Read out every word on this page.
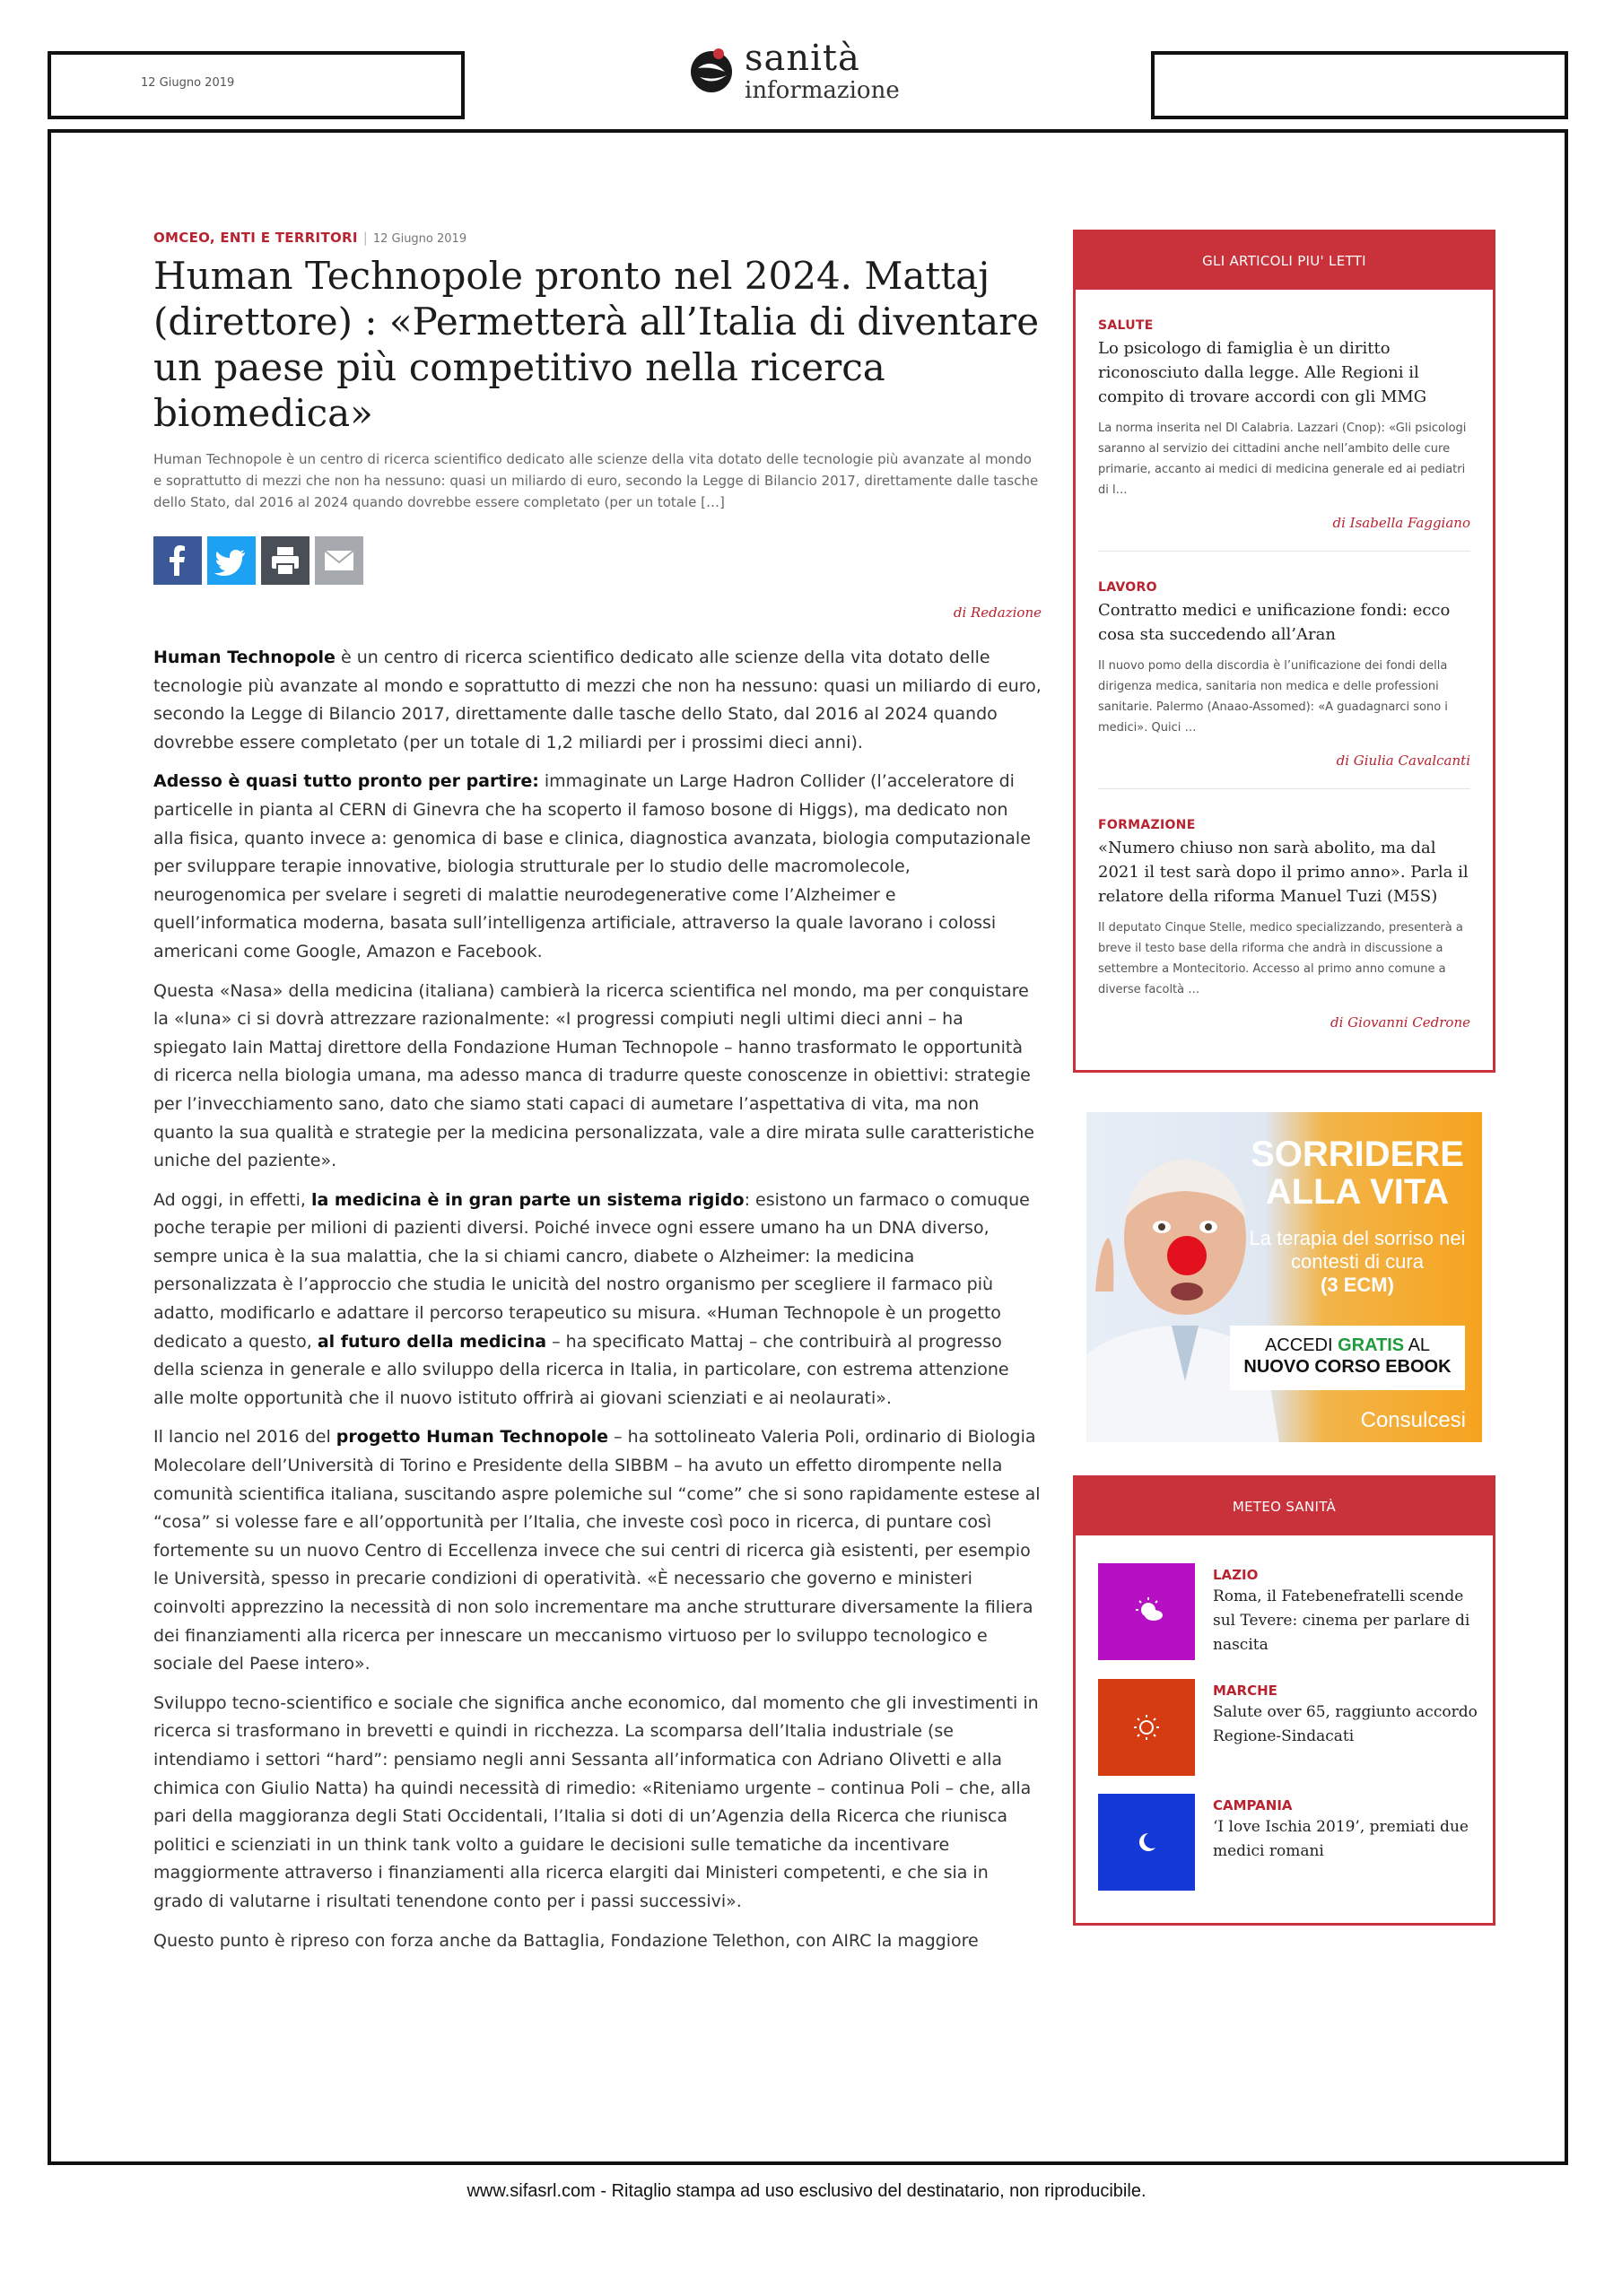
12 Giugno 2019
sanità
informazione
OMCEO, ENTI E TERRITORI | 12 Giugno 2019
Human Technopole pronto nel 2024. Mattaj (direttore) : «Permetterà all’Italia di diventare un paese più competitivo nella ricerca biomedica»

Human Technopole è un centro di ricerca scientifico dedicato alle scienze della vita dotato delle tecnologie più avanzate al mondo e soprattutto di mezzi che non ha nessuno: quasi un miliardo di euro, secondo la Legge di Bilancio 2017, direttamente dalle tasche dello Stato, dal 2016 al 2024 quando dovrebbe essere completato (per un totale […]

di Redazione

Human Technopole è un centro di ricerca scientifico dedicato alle scienze della vita dotato delle tecnologie più avanzate al mondo e soprattutto di mezzi che non ha nessuno: quasi un miliardo di euro, secondo la Legge di Bilancio 2017, direttamente dalle tasche dello Stato, dal 2016 al 2024 quando dovrebbe essere completato (per un totale di 1,2 miliardi per i prossimi dieci anni).

Adesso è quasi tutto pronto per partire: immaginate un Large Hadron Collider (l’acceleratore di particelle in pianta al CERN di Ginevra che ha scoperto il famoso bosone di Higgs), ma dedicato non alla fisica, quanto invece a: genomica di base e clinica, diagnostica avanzata, biologia computazionale per sviluppare terapie innovative, biologia strutturale per lo studio delle macromolecole, neurogenomica per svelare i segreti di malattie neurodegenerative come l’Alzheimer e quell’informatica moderna, basata sull’intelligenza artificiale, attraverso la quale lavorano i colossi americani come Google, Amazon e Facebook.

Questa «Nasa» della medicina (italiana) cambierà la ricerca scientifica nel mondo, ma per conquistare la «luna» ci si dovrà attrezzare razionalmente: «I progressi compiuti negli ultimi dieci anni – ha spiegato Iain Mattaj direttore della Fondazione Human Technopole – hanno trasformato le opportunità di ricerca nella biologia umana, ma adesso manca di tradurre queste conoscenze in obiettivi: strategie per l’invecchiamento sano, dato che siamo stati capaci di aumetare l’aspettativa di vita, ma non quanto la sua qualità e strategie per la medicina personalizzata, vale a dire mirata sulle caratteristiche uniche del paziente».

Ad oggi, in effetti, la medicina è in gran parte un sistema rigido: esistono un farmaco o comuque poche terapie per milioni di pazienti diversi. Poiché invece ogni essere umano ha un DNA diverso, sempre unica è la sua malattia, che la si chiami cancro, diabete o Alzheimer: la medicina personalizzata è l’approccio che studia le unicità del nostro organismo per scegliere il farmaco più adatto, modificarlo e adattare il percorso terapeutico su misura. «Human Technopole è un progetto dedicato a questo, al futuro della medicina – ha specificato Mattaj – che contribuirà al progresso della scienza in generale e allo sviluppo della ricerca in Italia, in particolare, con estrema attenzione alle molte opportunità che il nuovo istituto offrirà ai giovani scienziati e ai neolaurati».

Il lancio nel 2016 del progetto Human Technopole – ha sottolineato Valeria Poli, ordinario di Biologia Molecolare dell’Università di Torino e Presidente della SIBBM – ha avuto un effetto dirompente nella comunità scientifica italiana, suscitando aspre polemiche sul “come” che si sono rapidamente estese al “cosa” si volesse fare e all’opportunità per l’Italia, che investe così poco in ricerca, di puntare così fortemente su un nuovo Centro di Eccellenza invece che sui centri di ricerca già esistenti, per esempio le Università, spesso in precarie condizioni di operatività. «È necessario che governo e ministeri coinvolti apprezzino la necessità di non solo incrementare ma anche strutturare diversamente la filiera dei finanziamenti alla ricerca per innescare un meccanismo virtuoso per lo sviluppo tecnologico e sociale del Paese intero».

Sviluppo tecno-scientifico e sociale che significa anche economico, dal momento che gli investimenti in ricerca si trasformano in brevetti e quindi in ricchezza. La scomparsa dell’Italia industriale (se intendiamo i settori “hard”: pensiamo negli anni Sessanta all’informatica con Adriano Olivetti e alla chimica con Giulio Natta) ha quindi necessità di rimedio: «Riteniamo urgente – continua Poli – che, alla pari della maggioranza degli Stati Occidentali, l’Italia si doti di un’Agenzia della Ricerca che riunisca politici e scienziati in un think tank volto a guidare le decisioni sulle tematiche da incentivare maggiormente attraverso i finanziamenti alla ricerca elargiti dai Ministeri competenti, e che sia in grado di valutarne i risultati tenendone conto per i passi successivi».

Questo punto è ripreso con forza anche da Battaglia, Fondazione Telethon, con AIRC la maggiore

GLI ARTICOLI PIU' LETTI
SALUTE
Lo psicologo di famiglia è un diritto riconosciuto dalla legge. Alle Regioni il compito di trovare accordi con gli MMG
La norma inserita nel Dl Calabria. Lazzari (Cnop): «Gli psicologi saranno al servizio dei cittadini anche nell’ambito delle cure primarie, accanto ai medici di medicina generale ed ai pediatri di l…
di Isabella Faggiano
LAVORO
Contratto medici e unificazione fondi: ecco cosa sta succedendo all’Aran
Il nuovo pomo della discordia è l’unificazione dei fondi della dirigenza medica, sanitaria non medica e delle professioni sanitarie. Palermo (Anaao-Assomed): «A guadagnarci sono i medici». Quici …
di Giulia Cavalcanti
FORMAZIONE
«Numero chiuso non sarà abolito, ma dal 2021 il test sarà dopo il primo anno». Parla il relatore della riforma Manuel Tuzi (M5S)
Il deputato Cinque Stelle, medico specializzando, presenterà a breve il testo base della riforma che andrà in discussione a settembre a Montecitorio. Accesso al primo anno comune a diverse facoltà …
di Giovanni Cedrone
SORRIDERE ALLA VITA
La terapia del sorriso nei contesti di cura
(3 ECM)
ACCEDI GRATIS AL
NUOVO CORSO EBOOK
Consulcesi
METEO SANITÀ
LAZIO
Roma, il Fatebenefratelli scende sul Tevere: cinema per parlare di nascita
MARCHE
Salute over 65, raggiunto accordo Regione-Sindacati
CAMPANIA
‘I love Ischia 2019’, premiati due medici romani
www.sifasrl.com - Ritaglio stampa ad uso esclusivo del destinatario, non riproducibile.
